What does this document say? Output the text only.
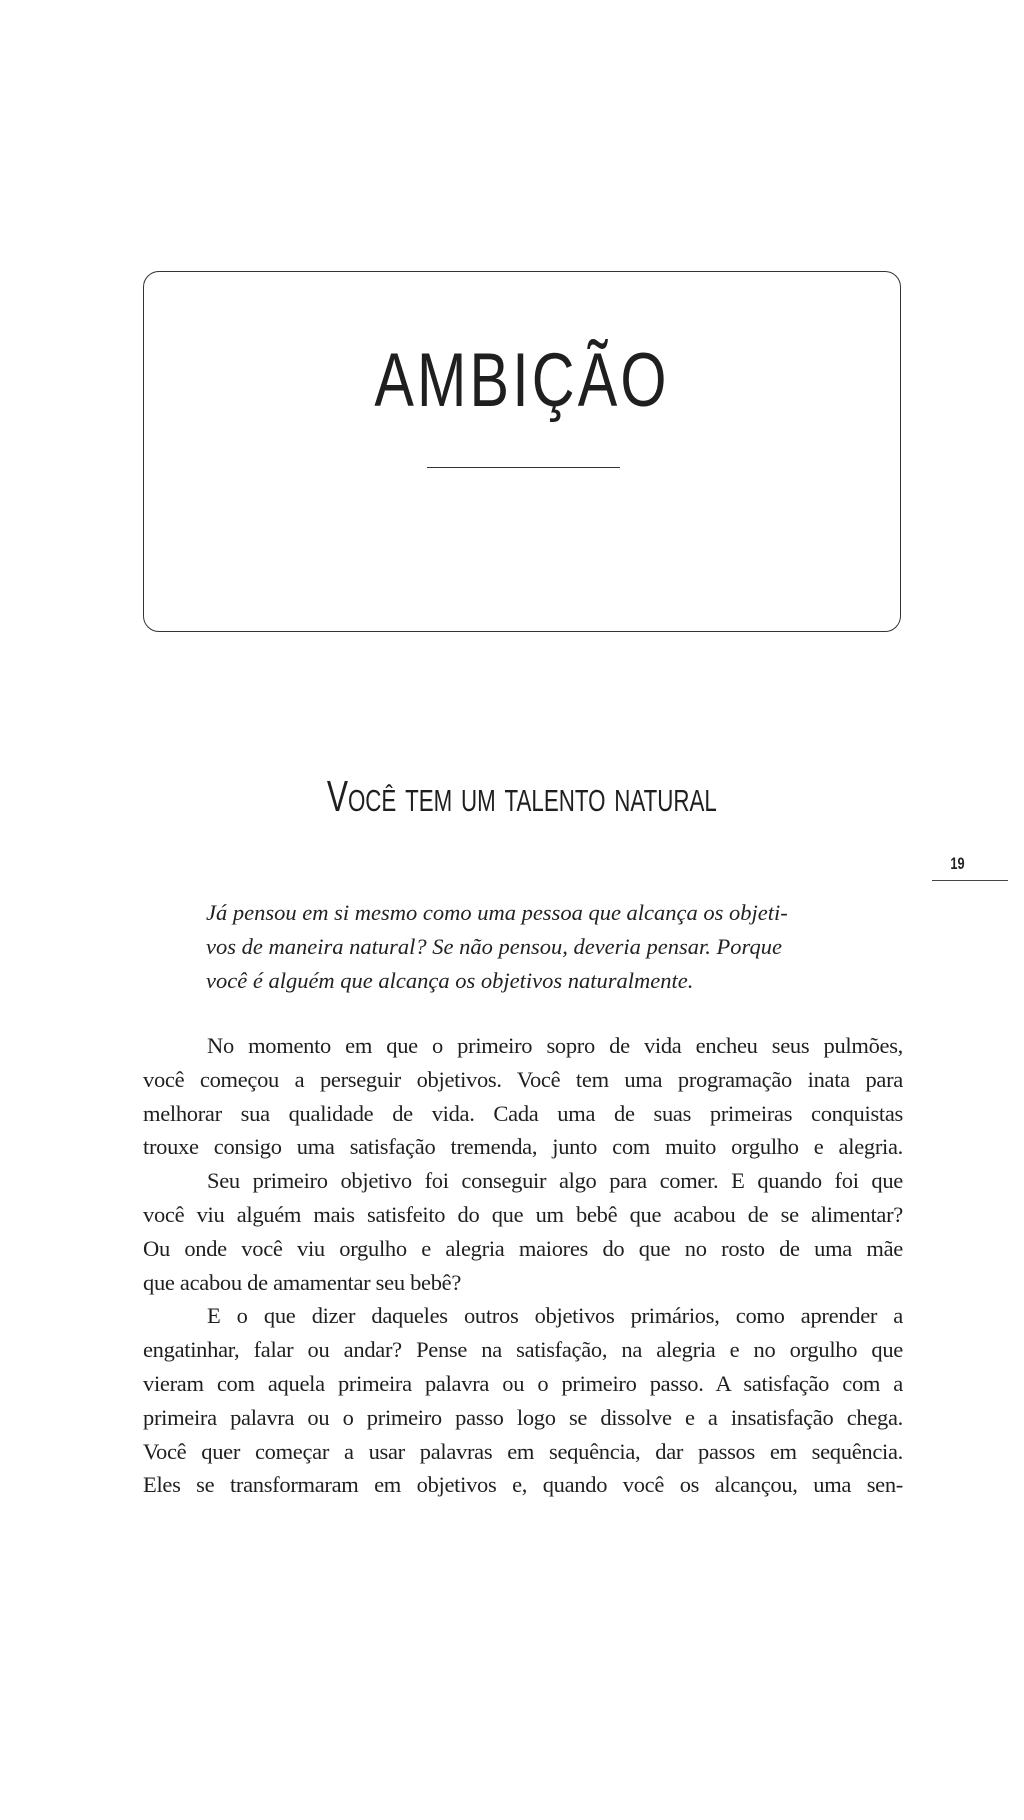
AMBIÇÃO
Você tem um talento natural
19

Já pensou em si mesmo como uma pessoa que alcança os objeti-

vos de maneira natural? Se não pensou, deveria pensar. Porque

você é alguém que alcança os objetivos naturalmente.

No momento em que o primeiro sopro de vida encheu seus pulmões,
você começou a perseguir objetivos. Você tem uma programação inata para
melhorar sua qualidade de vida. Cada uma de suas primeiras conquistas
trouxe consigo uma satisfação tremenda, junto com muito orgulho e alegria.
Seu primeiro objetivo foi conseguir algo para comer. E quando foi que
você viu alguém mais satisfeito do que um bebê que acabou de se alimentar?
Ou onde você viu orgulho e alegria maiores do que no rosto de uma mãe
que acabou de amamentar seu bebê?
E o que dizer daqueles outros objetivos primários, como aprender a
engatinhar, falar ou andar? Pense na satisfação, na alegria e no orgulho que
vieram com aquela primeira palavra ou o primeiro passo. A satisfação com a
primeira palavra ou o primeiro passo logo se dissolve e a insatisfação chega.
Você quer começar a usar palavras em sequência, dar passos em sequência.
Eles se transformaram em objetivos e, quando você os alcançou, uma sen-
